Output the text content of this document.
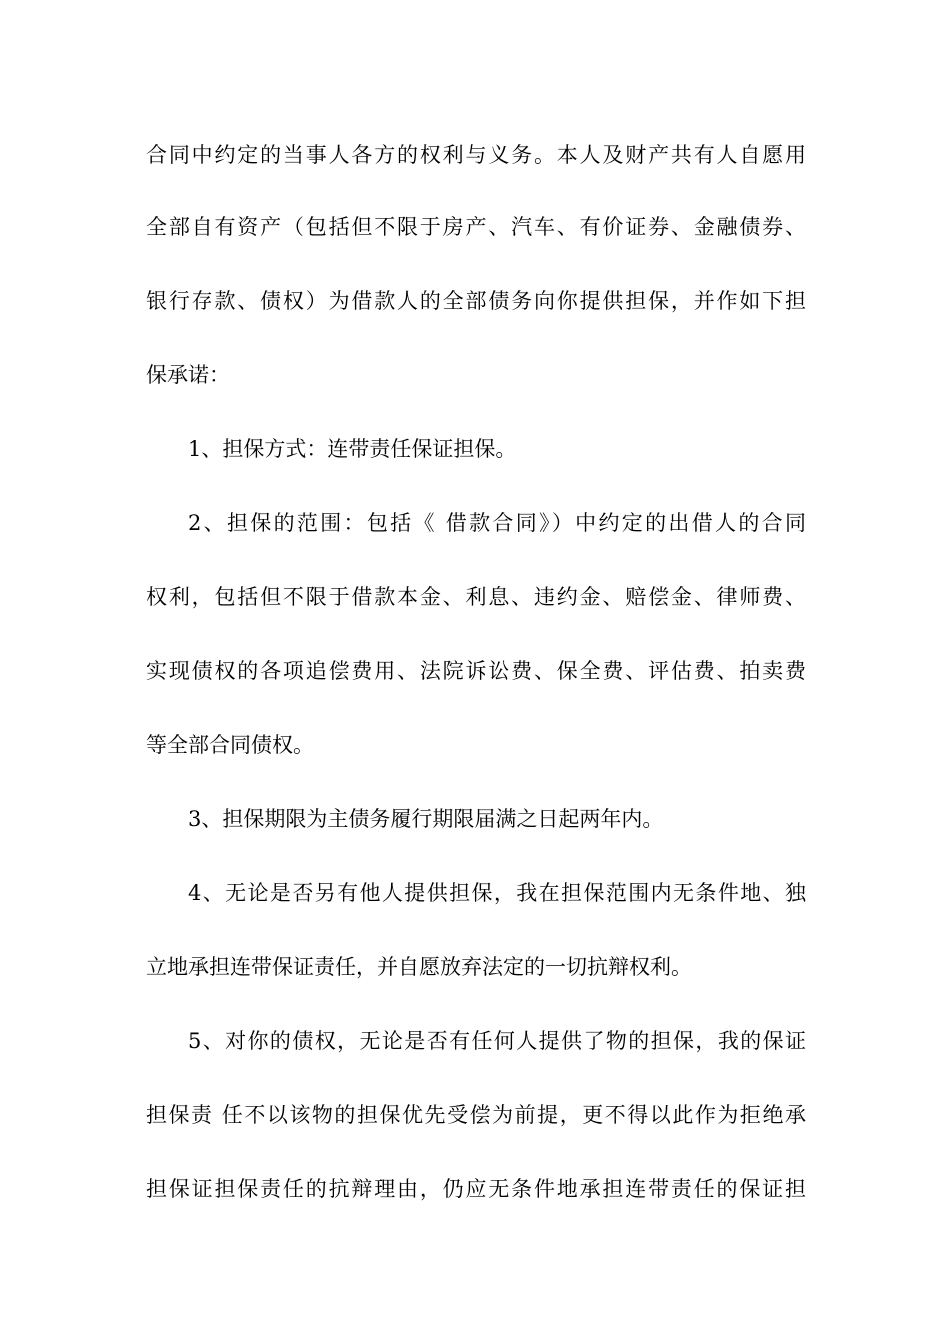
合同中约定的当事人各方的权利与义务。本人及财产共有人自愿用
全部自有资产（包括但不限于房产、汽车、有价证券、金融债券、
银行存款、债权）为借款人的全部债务向你提供担保，并作如下担
保承诺：
1、担保方式：连带责任保证担保。
2、担保的范围：包括《 借款合同》）中约定的出借人的合同
权利，包括但不限于借款本金、利息、违约金、赔偿金、律师费、
实现债权的各项追偿费用、法院诉讼费、保全费、评估费、拍卖费
等全部合同债权。
3、担保期限为主债务履行期限届满之日起两年内。
4、无论是否另有他人提供担保，我在担保范围内无条件地、独
立地承担连带保证责任，并自愿放弃法定的一切抗辩权利。
5、对你的债权，无论是否有任何人提供了物的担保，我的保证
担保责 任不以该物的担保优先受偿为前提，更不得以此作为拒绝承
担保证担保责任的抗辩理由，仍应无条件地承担连带责任的保证担
